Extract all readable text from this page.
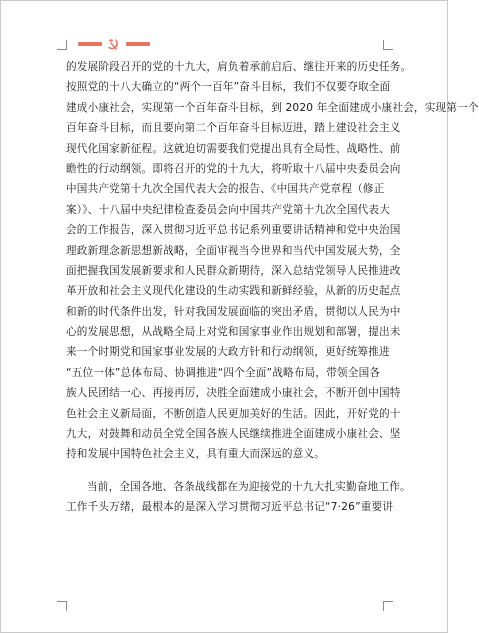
的发展阶段召开的党的十九大，肩负着承前启后、继往开来的历史任务。
按照党的十八大确立的“两个一百年”奋斗目标，我们不仅要夺取全面
建成小康社会，实现第一个百年奋斗目标，到 2020 年全面建成小康社会，实现第一个
百年奋斗目标，而且要向第二个百年奋斗目标迈进，踏上建设社会主义
现代化国家新征程。这就迫切需要我们党提出具有全局性、战略性、前
瞻性的行动纲领。即将召开的党的十九大，将听取十八届中央委员会向
中国共产党第十九次全国代表大会的报告、《中国共产党章程（修正
案）》、十八届中央纪律检查委员会向中国共产党第十九次全国代表大
会的工作报告，深入贯彻习近平总书记系列重要讲话精神和党中央治国
理政新理念新思想新战略，全面审视当今世界和当代中国发展大势，全
面把握我国发展新要求和人民群众新期待，深入总结党领导人民推进改
革开放和社会主义现代化建设的生动实践和新鲜经验，从新的历史起点
和新的时代条件出发，针对我国发展面临的突出矛盾，贯彻以人民为中
心的发展思想，从战略全局上对党和国家事业作出规划和部署，提出未
来一个时期党和国家事业发展的大政方针和行动纲领，更好统筹推进
“五位一体”总体布局、协调推进“四个全面”战略布局，带领全国各
族人民团结一心、再接再厉，决胜全面建成小康社会，不断开创中国特
色社会主义新局面，不断创造人民更加美好的生活。因此，开好党的十
九大，对鼓舞和动员全党全国各族人民继续推进全面建成小康社会、坚
持和发展中国特色社会主义，具有重大而深远的意义。
当前，全国各地、各条战线都在为迎接党的十九大扎实勤奋地工作。
工作千头万绪，最根本的是深入学习贯彻习近平总书记“7·26”重要讲
